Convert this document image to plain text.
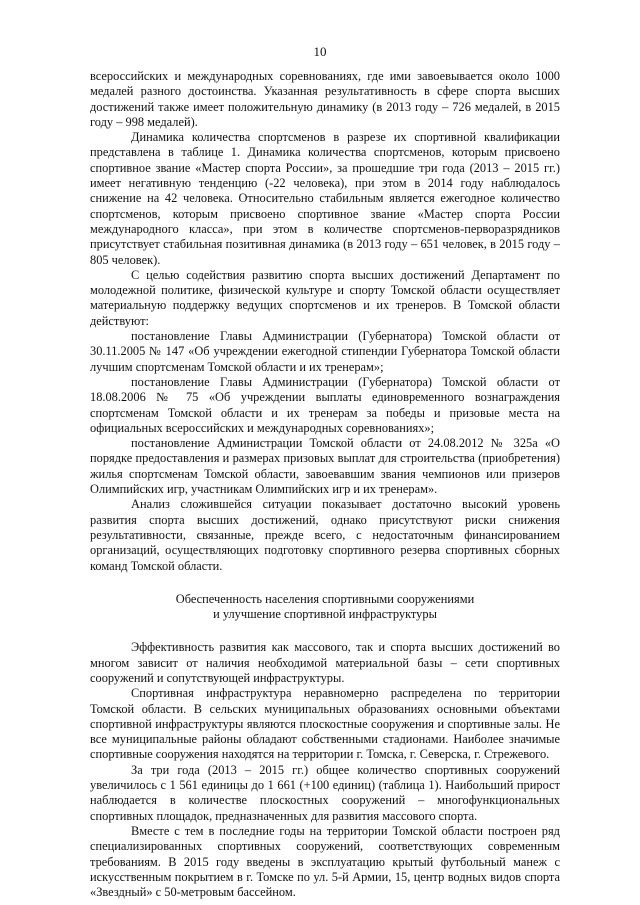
10

всероссийских и международных соревнованиях, где ими завоевывается около 1000 медалей разного достоинства. Указанная результативность в сфере спорта высших достижений также имеет положительную динамику (в 2013 году – 726 медалей, в 2015 году – 998 медалей).

Динамика количества спортсменов в разрезе их спортивной квалификации представлена в таблице 1. Динамика количества спортсменов, которым присвоено спортивное звание «Мастер спорта России», за прошедшие три года (2013 – 2015 гг.) имеет негативную тенденцию (-22 человека), при этом в 2014 году наблюдалось снижение на 42 человека. Относительно стабильным является ежегодное количество спортсменов, которым присвоено спортивное звание «Мастер спорта России международного класса», при этом в количестве спортсменов-перворазрядников присутствует стабильная позитивная динамика (в 2013 году – 651 человек, в 2015 году – 805 человек).

С целью содействия развитию спорта высших достижений Департамент по молодежной политике, физической культуре и спорту Томской области осуществляет материальную поддержку ведущих спортсменов и их тренеров. В Томской области действуют:

постановление Главы Администрации (Губернатора) Томской области от 30.11.2005 № 147 «Об учреждении ежегодной стипендии Губернатора Томской области лучшим спортсменам Томской области и их тренерам»;

постановление Главы Администрации (Губернатора) Томской области от 18.08.2006 № 75 «Об учреждении выплаты единовременного вознаграждения спортсменам Томской области и их тренерам за победы и призовые места на официальных всероссийских и международных соревнованиях»;

постановление Администрации Томской области от 24.08.2012 № 325а «О порядке предоставления и размерах призовых выплат для строительства (приобретения) жилья спортсменам Томской области, завоевавшим звания чемпионов или призеров Олимпийских игр, участникам Олимпийских игр и их тренерам».

Анализ сложившейся ситуации показывает достаточно высокий уровень развития спорта высших достижений, однако присутствуют риски снижения результативности, связанные, прежде всего, с недостаточным финансированием организаций, осуществляющих подготовку спортивного резерва спортивных сборных команд Томской области.

Обеспеченность населения спортивными сооружениями
и улучшение спортивной инфраструктуры

Эффективность развития как массового, так и спорта высших достижений во многом зависит от наличия необходимой материальной базы – сети спортивных сооружений и сопутствующей инфраструктуры.

Спортивная инфраструктура неравномерно распределена по территории Томской области. В сельских муниципальных образованиях основными объектами спортивной инфраструктуры являются плоскостные сооружения и спортивные залы. Не все муниципальные районы обладают собственными стадионами. Наиболее значимые спортивные сооружения находятся на территории г. Томска, г. Северска, г. Стрежевого.

За три года (2013 – 2015 гг.) общее количество спортивных сооружений увеличилось с 1 561 единицы до 1 661 (+100 единиц) (таблица 1). Наибольший прирост наблюдается в количестве плоскостных сооружений – многофункциональных спортивных площадок, предназначенных для развития массового спорта.

Вместе с тем в последние годы на территории Томской области построен ряд специализированных спортивных сооружений, соответствующих современным требованиям. В 2015 году введены в эксплуатацию крытый футбольный манеж с искусственным покрытием в г. Томске по ул. 5-й Армии, 15, центр водных видов спорта «Звездный» с 50-метровым бассейном.
